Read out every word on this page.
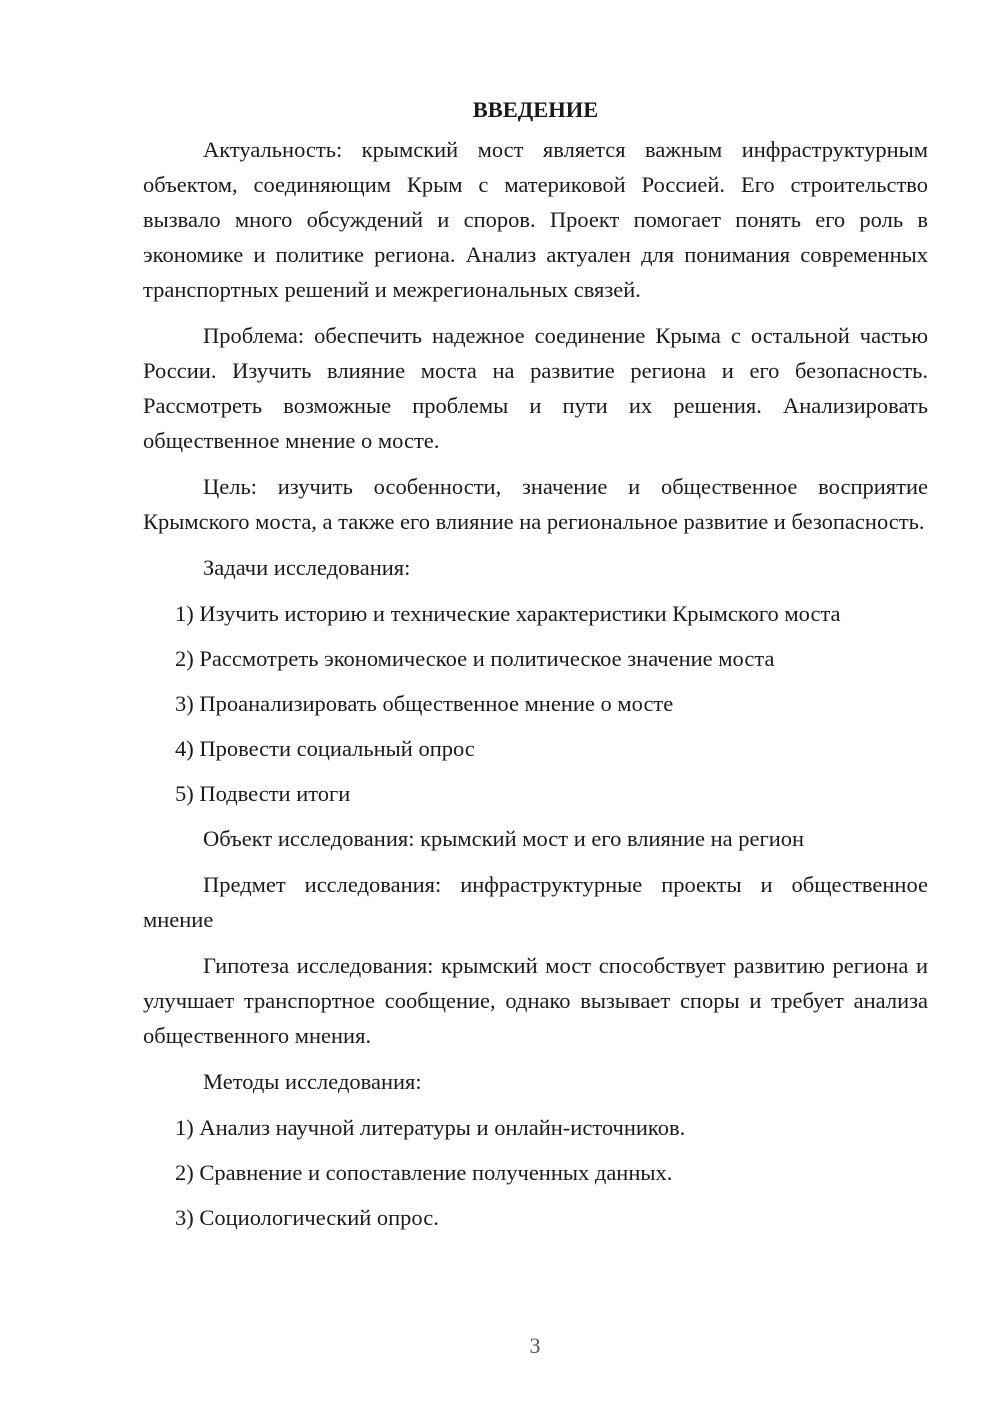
ВВЕДЕНИЕ

Актуальность: крымский мост является важным инфраструктурным объектом, соединяющим Крым с материковой Россией. Его строительство вызвало много обсуждений и споров. Проект помогает понять его роль в экономике и политике региона. Анализ актуален для понимания современных транспортных решений и межрегиональных связей.

Проблема: обеспечить надежное соединение Крыма с остальной частью России. Изучить влияние моста на развитие региона и его безопасность. Рассмотреть возможные проблемы и пути их решения. Анализировать общественное мнение о мосте.

Цель: изучить особенности, значение и общественное восприятие Крымского моста, а также его влияние на региональное развитие и безопасность.

Задачи исследования:

1) Изучить историю и технические характеристики Крымского моста
2) Рассмотреть экономическое и политическое значение моста
3) Проанализировать общественное мнение о мосте
4) Провести социальный опрос
5) Подвести итоги

Объект исследования: крымский мост и его влияние на регион

Предмет исследования: инфраструктурные проекты и общественное мнение

Гипотеза исследования: крымский мост способствует развитию региона и улучшает транспортное сообщение, однако вызывает споры и требует анализа общественного мнения.

Методы исследования:

1) Анализ научной литературы и онлайн-источников.
2) Сравнение и сопоставление полученных данных.
3) Социологический опрос.
3
